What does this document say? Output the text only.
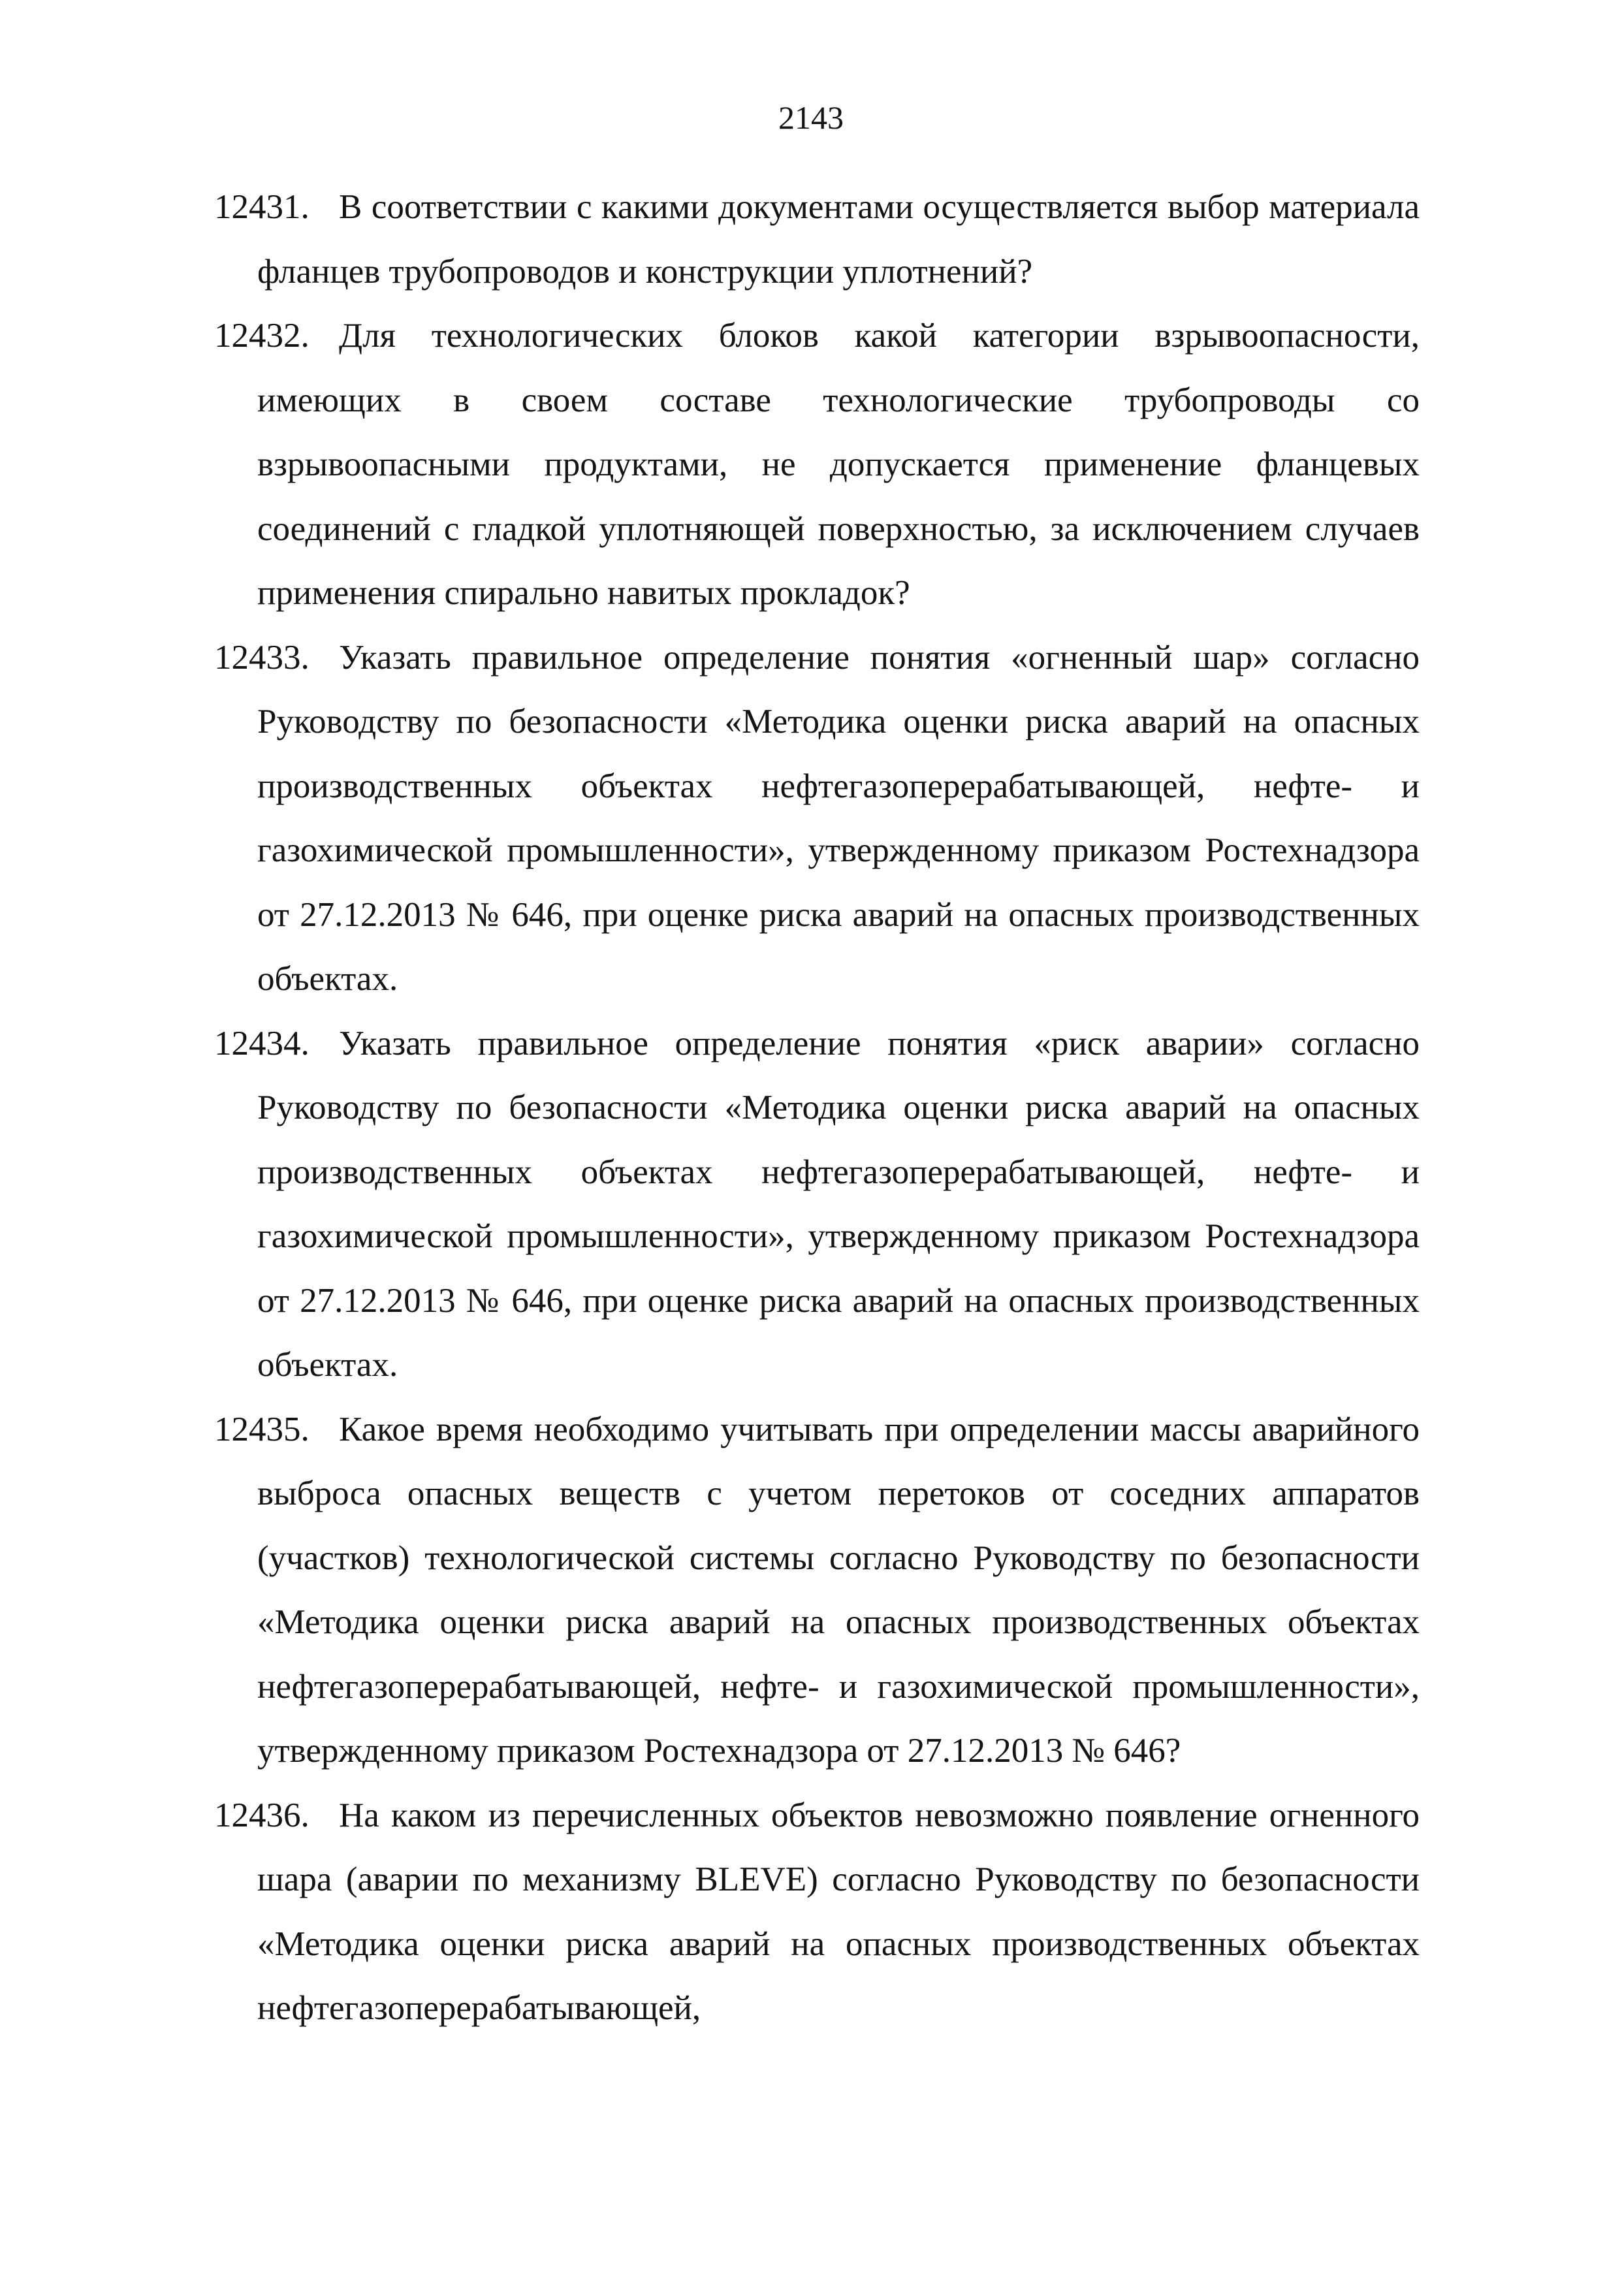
2143
12431. В соответствии с какими документами осуществляется выбор материала фланцев трубопроводов и конструкции уплотнений?
12432. Для технологических блоков какой категории взрывоопасности, имеющих в своем составе технологические трубопроводы со взрывоопасными продуктами, не допускается применение фланцевых соединений с гладкой уплотняющей поверхностью, за исключением случаев применения спирально навитых прокладок?
12433. Указать правильное определение понятия «огненный шар» согласно Руководству по безопасности «Методика оценки риска аварий на опасных производственных объектах нефтегазоперерабатывающей, нефте- и газохимической промышленности», утвержденному приказом Ростехнадзора от 27.12.2013 № 646, при оценке риска аварий на опасных производственных объектах.
12434. Указать правильное определение понятия «риск аварии» согласно Руководству по безопасности «Методика оценки риска аварий на опасных производственных объектах нефтегазоперерабатывающей, нефте- и газохимической промышленности», утвержденному приказом Ростехнадзора от 27.12.2013 № 646, при оценке риска аварий на опасных производственных объектах.
12435. Какое время необходимо учитывать при определении массы аварийного выброса опасных веществ с учетом перетоков от соседних аппаратов (участков) технологической системы согласно Руководству по безопасности «Методика оценки риска аварий на опасных производственных объектах нефтегазоперерабатывающей, нефте- и газохимической промышленности», утвержденному приказом Ростехнадзора от 27.12.2013 № 646?
12436. На каком из перечисленных объектов невозможно появление огненного шара (аварии по механизму BLEVE) согласно Руководству по безопасности «Методика оценки риска аварий на опасных производственных объектах нефтегазоперерабатывающей,
